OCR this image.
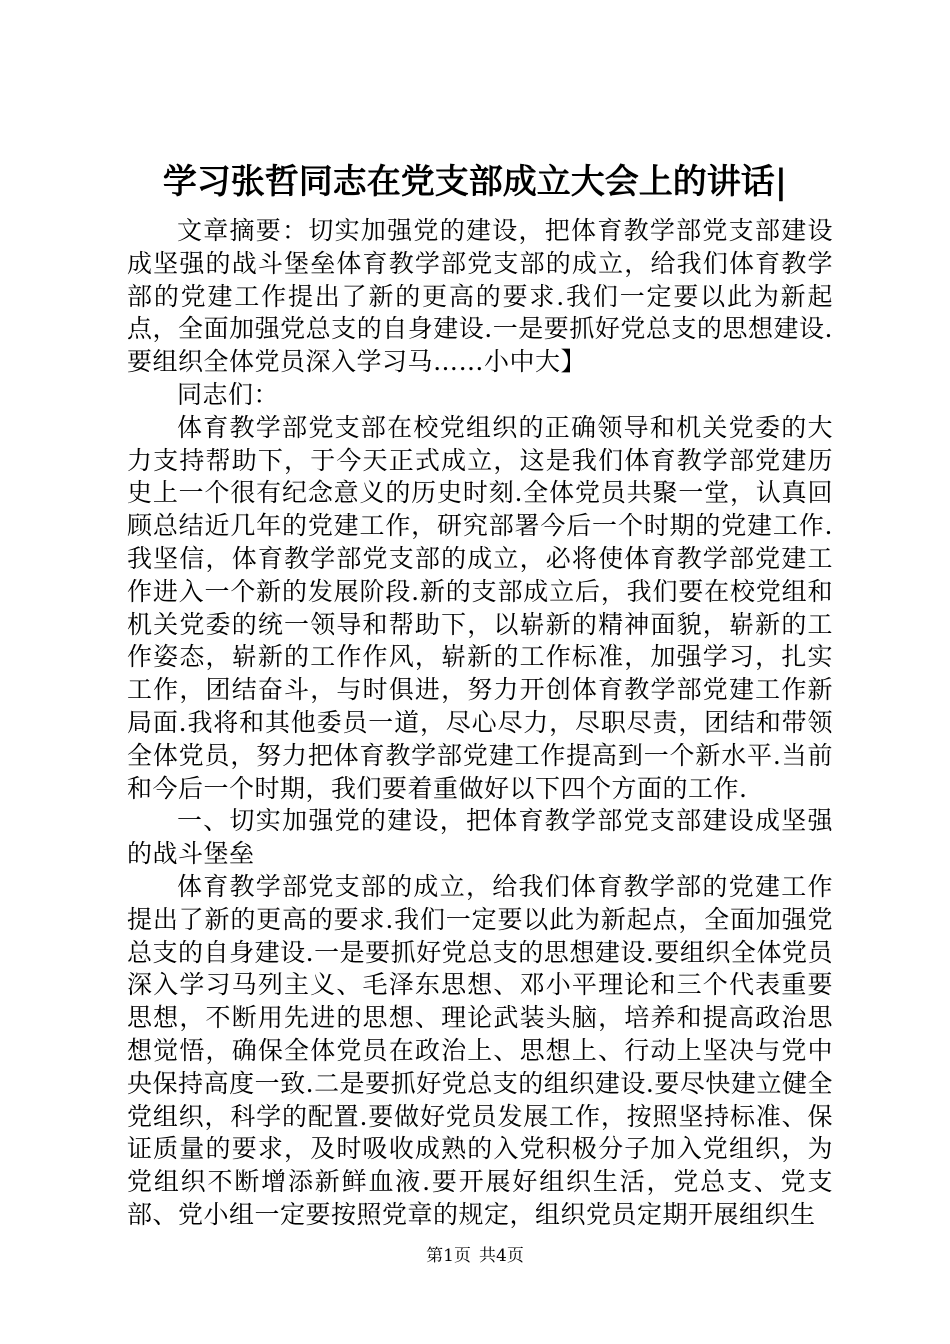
学习张哲同志在党支部成立大会上的讲话|

文章摘要：切实加强党的建设，把体育教学部党支部建设成坚强的战斗堡垒体育教学部党支部的成立，给我们体育教学部的党建工作提出了新的更高的要求.我们一定要以此为新起点，全面加强党总支的自身建设.一是要抓好党总支的思想建设.要组织全体党员深入学习马……小中大】

同志们：

体育教学部党支部在校党组织的正确领导和机关党委的大力支持帮助下，于今天正式成立，这是我们体育教学部党建历史上一个很有纪念意义的历史时刻.全体党员共聚一堂，认真回顾总结近几年的党建工作，研究部署今后一个时期的党建工作.我坚信，体育教学部党支部的成立，必将使体育教学部党建工作进入一个新的发展阶段.新的支部成立后，我们要在校党组和机关党委的统一领导和帮助下，以崭新的精神面貌，崭新的工作姿态，崭新的工作作风，崭新的工作标准，加强学习，扎实工作，团结奋斗，与时俱进，努力开创体育教学部党建工作新局面.我将和其他委员一道，尽心尽力，尽职尽责，团结和带领全体党员，努力把体育教学部党建工作提高到一个新水平.当前和今后一个时期，我们要着重做好以下四个方面的工作.

一、切实加强党的建设，把体育教学部党支部建设成坚强的战斗堡垒

体育教学部党支部的成立，给我们体育教学部的党建工作提出了新的更高的要求.我们一定要以此为新起点，全面加强党总支的自身建设.一是要抓好党总支的思想建设.要组织全体党员深入学习马列主义、毛泽东思想、邓小平理论和三个代表重要思想，不断用先进的思想、理论武装头脑，培养和提高政治思想觉悟，确保全体党员在政治上、思想上、行动上坚决与党中央保持高度一致.二是要抓好党总支的组织建设.要尽快建立健全党组织，科学的配置.要做好党员发展工作，按照坚持标准、保证质量的要求，及时吸收成熟的入党积极分子加入党组织，为党组织不断增添新鲜血液.要开展好组织生活，党总支、党支部、党小组一定要按照党章的规定，组织党员定期开展组织生

第1页 共4页
